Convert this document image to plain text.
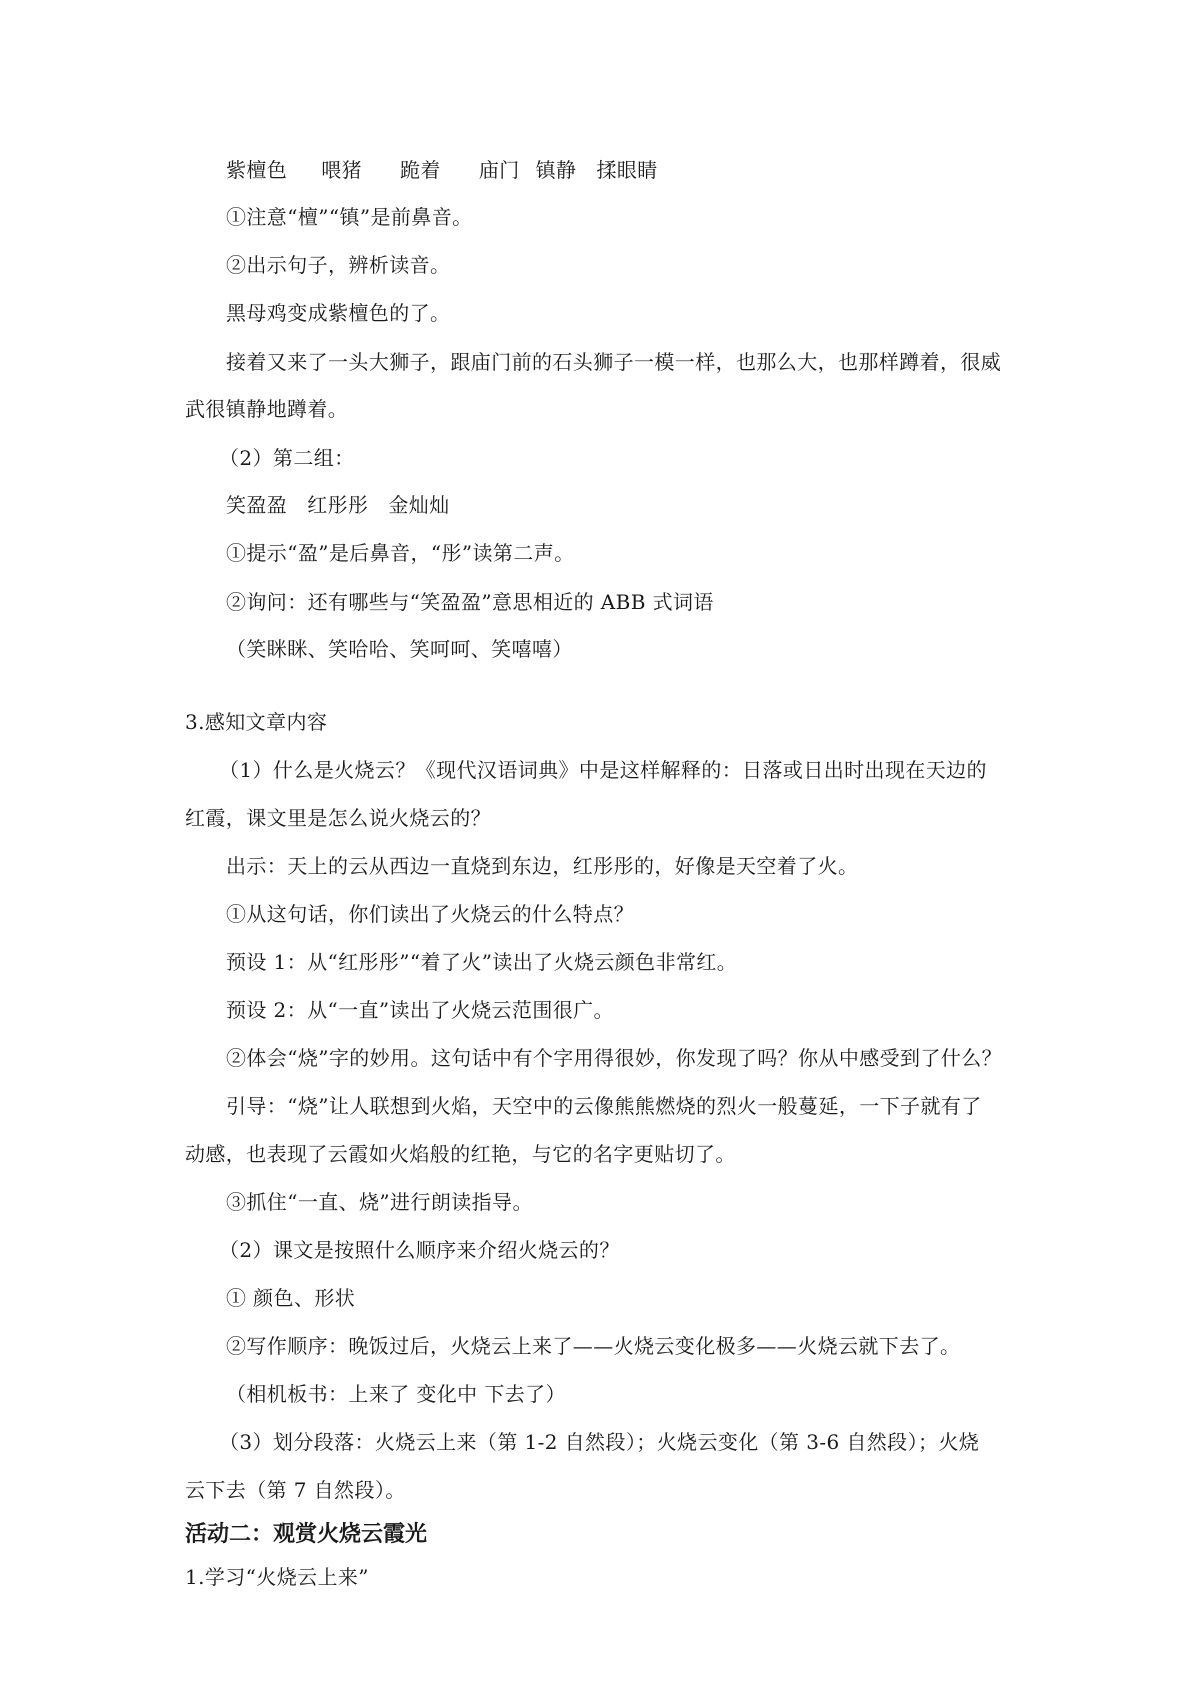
紫檀色 喂猪 跪着 庙门 镇静 揉眼睛
①注意“檀”“镇”是前鼻音。
②出示句子，辨析读音。
黑母鸡变成紫檀色的了。
接着又来了一头大狮子，跟庙门前的石头狮子一模一样，也那么大，也那样蹲着，很威
武很镇静地蹲着。
（2）第二组：
笑盈盈 红彤彤 金灿灿
①提示“盈”是后鼻音，“彤”读第二声。
②询问：还有哪些与“笑盈盈”意思相近的 ABB 式词语
（笑眯眯、笑哈哈、笑呵呵、笑嘻嘻）
3.感知文章内容
（1）什么是火烧云？《现代汉语词典》中是这样解释的：日落或日出时出现在天边的
红霞，课文里是怎么说火烧云的？
出示：天上的云从西边一直烧到东边，红彤彤的，好像是天空着了火。
①从这句话，你们读出了火烧云的什么特点？
预设 1：从“红彤彤”“着了火”读出了火烧云颜色非常红。
预设 2：从“一直”读出了火烧云范围很广。
②体会“烧”字的妙用。这句话中有个字用得很妙，你发现了吗？你从中感受到了什么？
引导：“烧”让人联想到火焰，天空中的云像熊熊燃烧的烈火一般蔓延，一下子就有了
动感，也表现了云霞如火焰般的红艳，与它的名字更贴切了。
③抓住“一直、烧”进行朗读指导。
（2）课文是按照什么顺序来介绍火烧云的？
① 颜色、形状
②写作顺序：晚饭过后，火烧云上来了——火烧云变化极多——火烧云就下去了。
（相机板书：上来了 变化中 下去了）
（3）划分段落：火烧云上来（第 1-2 自然段）；火烧云变化（第 3-6 自然段）；火烧
云下去（第 7 自然段）。
活动二：观赏火烧云霞光
1.学习“火烧云上来”
